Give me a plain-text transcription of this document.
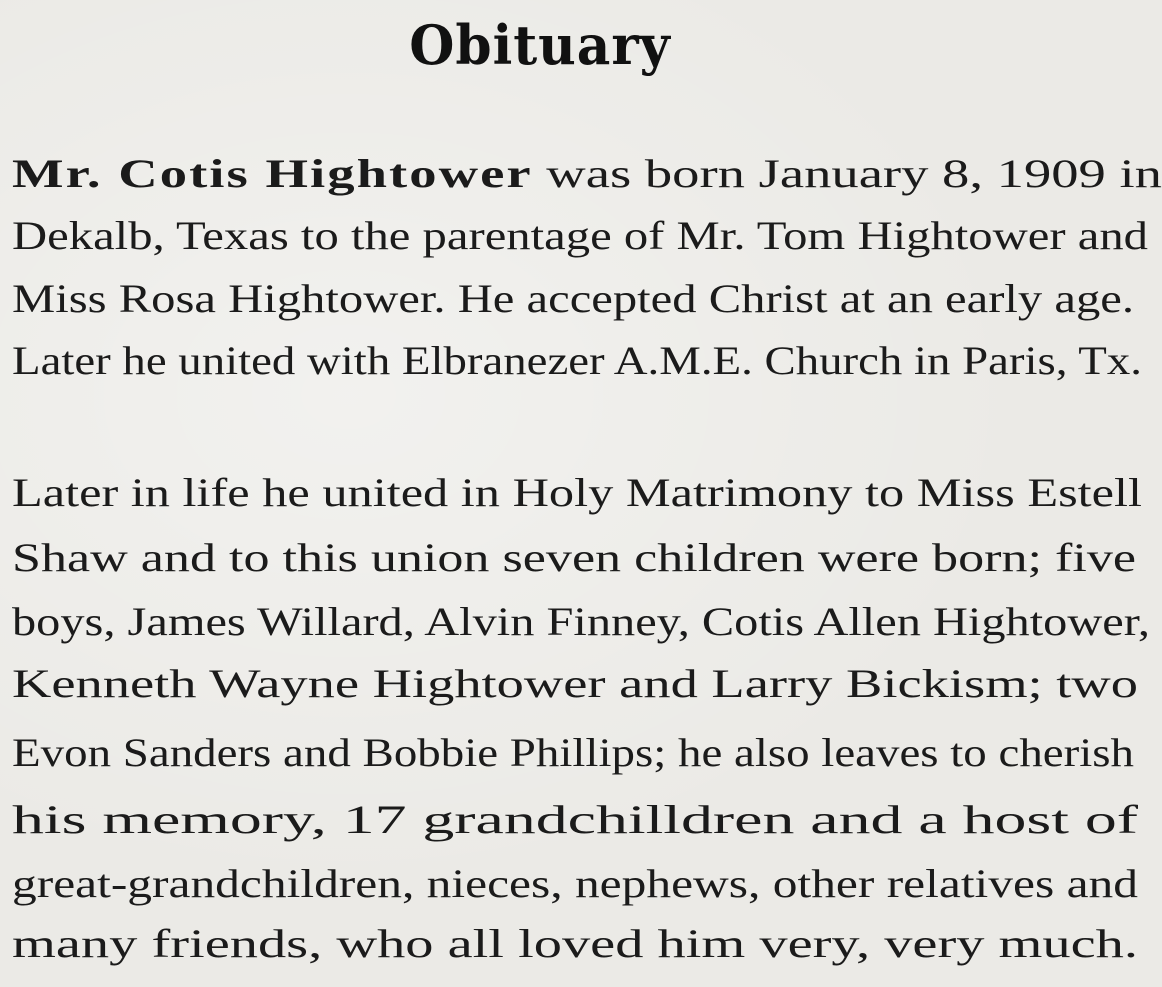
Obituary
Mr. Cotis Hightower was born January 8, 1909 in
Dekalb, Texas to the parentage of Mr. Tom Hightower and
Miss Rosa Hightower. He accepted Christ at an early age.
Later he united with Elbranezer A.M.E. Church in Paris, Tx.
Later in life he united in Holy Matrimony to Miss Estell
Shaw and to this union seven children were born; five
boys, James Willard, Alvin Finney, Cotis Allen Hightower,
Kenneth Wayne Hightower and Larry Bickism; two
Evon Sanders and Bobbie Phillips; he also leaves to cherish
his memory, 17 grandchilldren and a host of
great-grandchildren, nieces, nephews, other relatives and
many friends, who all loved him very, very much.
